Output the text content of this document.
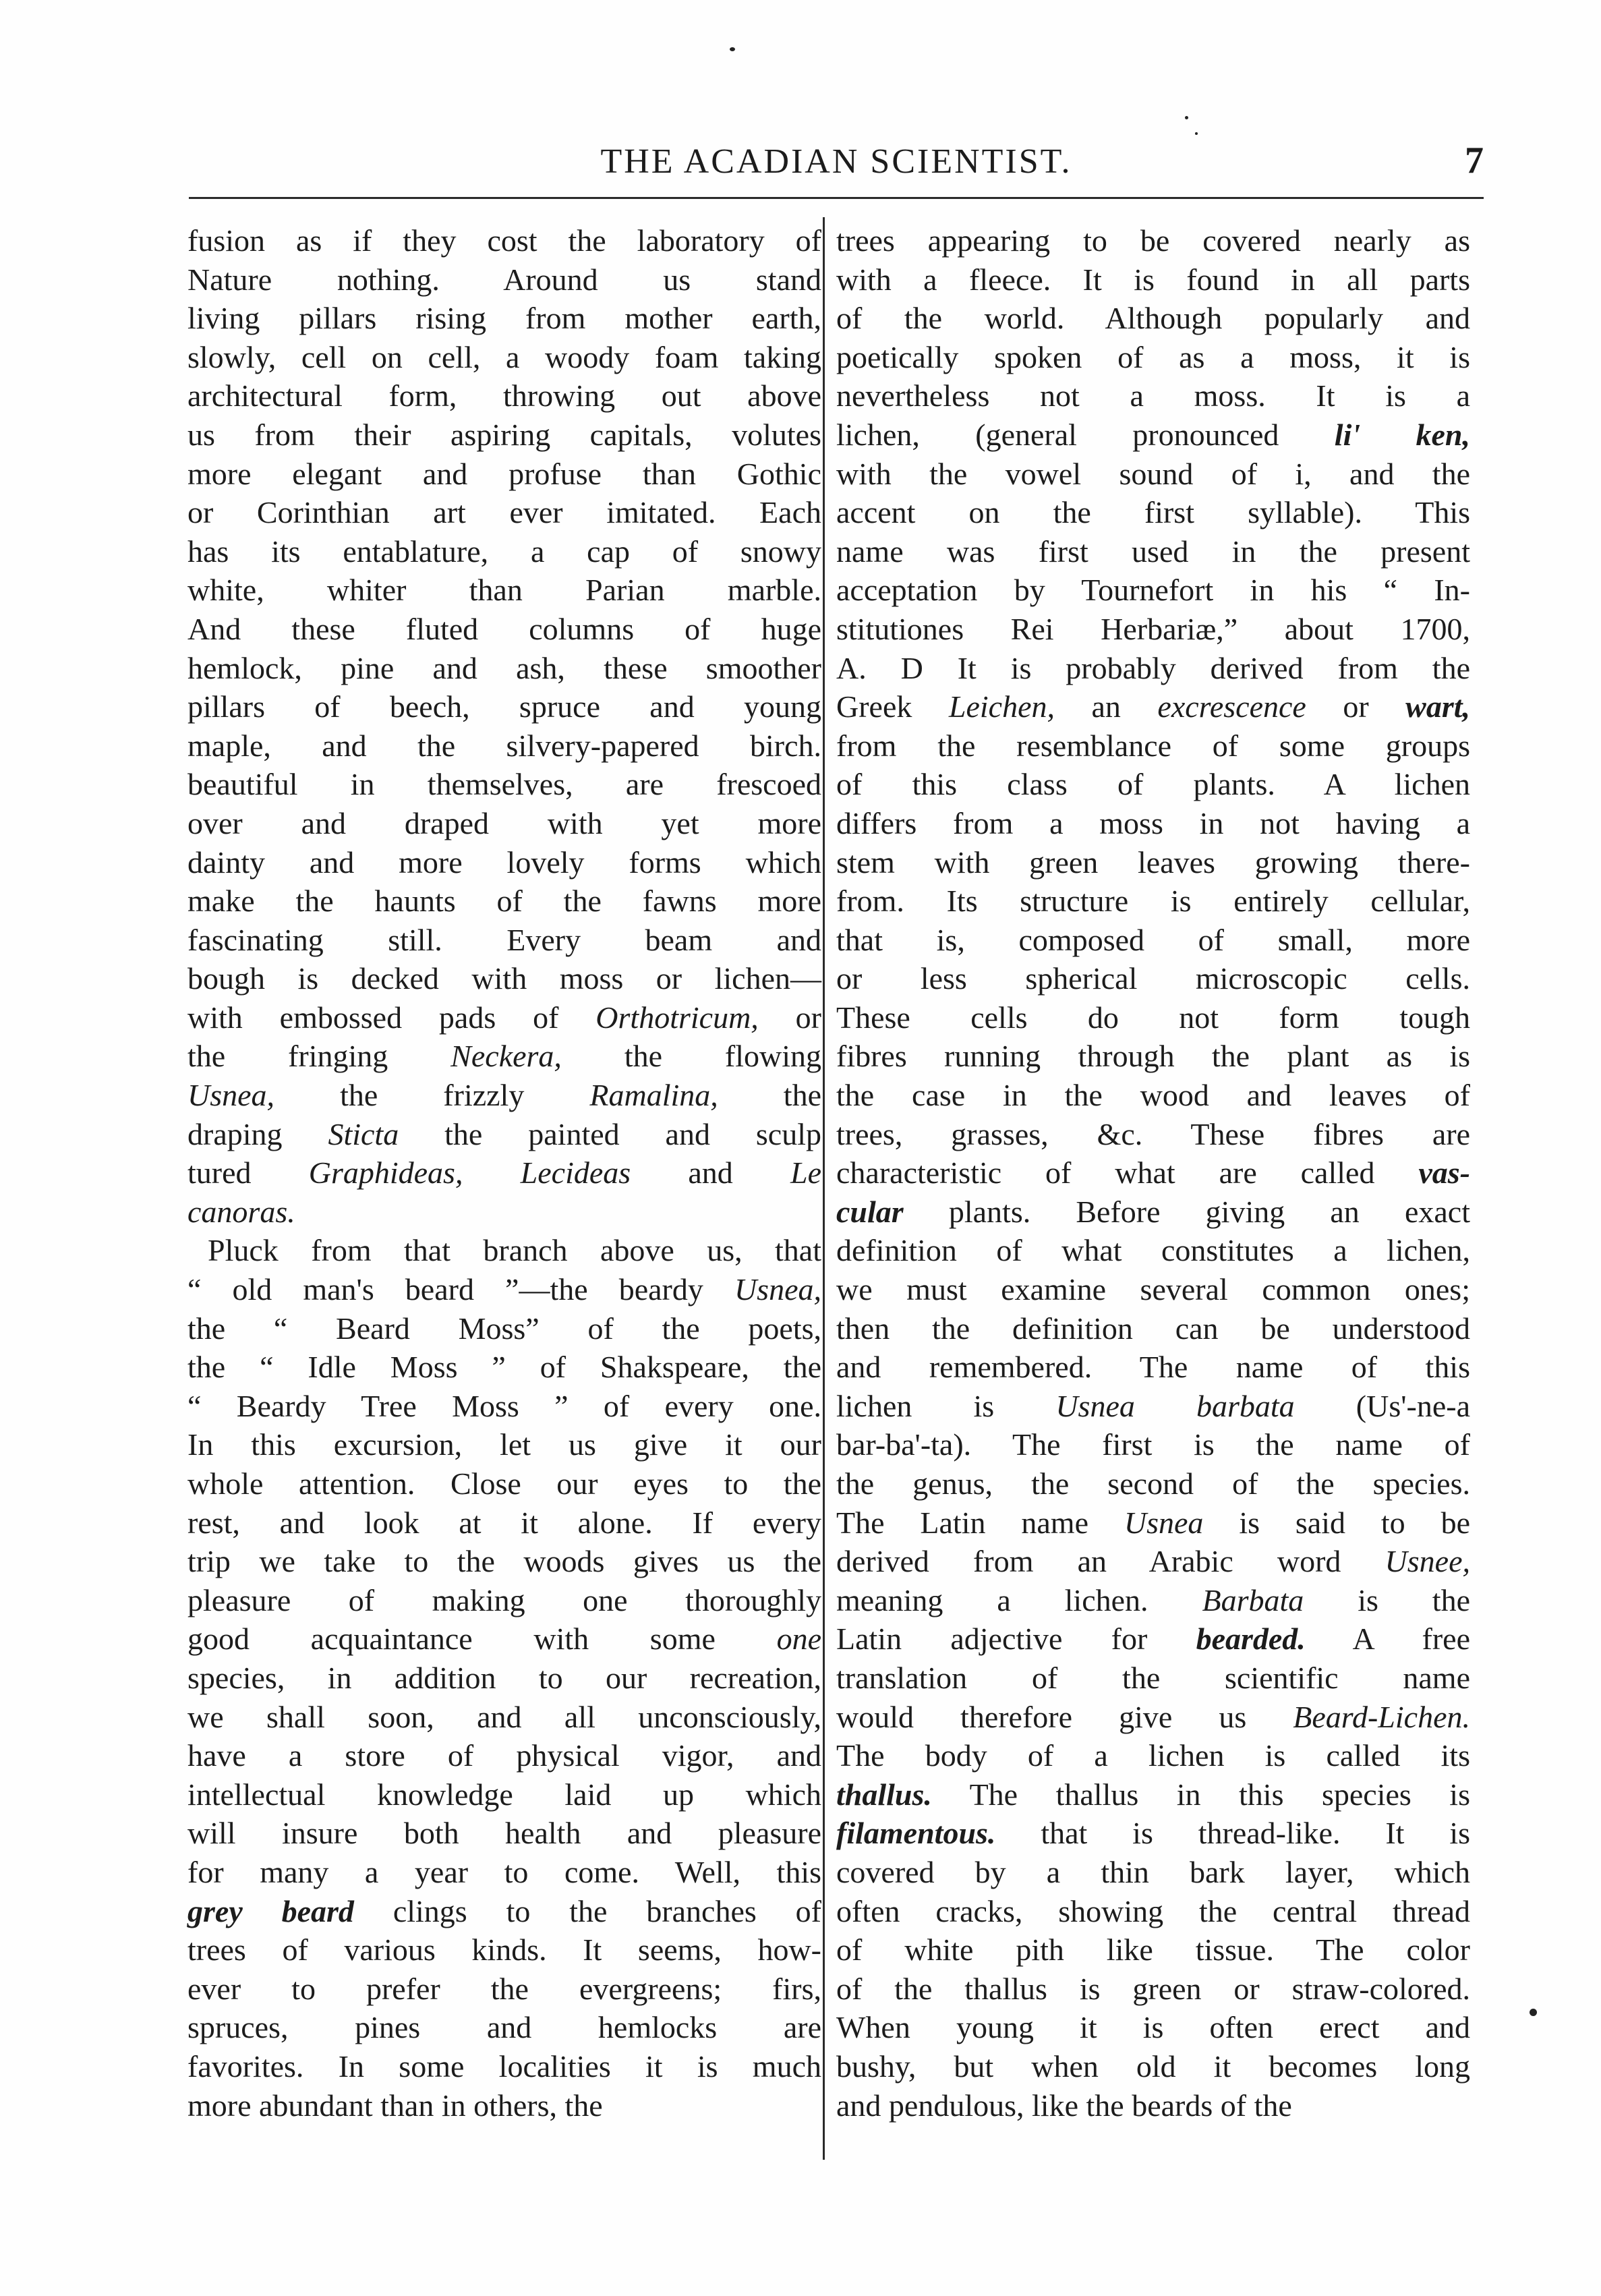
THE ACADIAN SCIENTIST.	7
fusion as if they cost the laboratory of
Nature nothing. Around us stand
living pillars rising from mother earth,
slowly, cell on cell, a woody foam taking
architectural form, throwing out above
us from their aspiring capitals, volutes
more elegant and profuse than Gothic
or Corinthian art ever imitated. Each
has its entablature, a cap of snowy
white, whiter than Parian marble.
And these fluted columns of huge
hemlock, pine and ash, these smoother
pillars of beech, spruce and young
maple, and the silvery-papered birch.
beautiful in themselves, are frescoed
over and draped with yet more
dainty and more lovely forms which
make the haunts of the fawns more
fascinating still. Every beam and
bough is decked with moss or lichen—
with embossed pads of Orthotricum, or
the fringing Neckera, the flowing
Usnea, the frizzly Ramalina, the
draping Sticta the painted and sculp
tured Graphideas, Lecideas and Le
canoras.
Pluck from that branch above us, that
“ old man's beard ”—the beardy Usnea,
the “ Beard Moss” of the poets,
the “ Idle Moss ” of Shakspeare, the
“ Beardy Tree Moss ” of every one.
In this excursion, let us give it our
whole attention. Close our eyes to the
rest, and look at it alone. If every
trip we take to the woods gives us the
pleasure of making one thoroughly
good acquaintance with some one
species, in addition to our recreation,
we shall soon, and all unconsciously,
have a store of physical vigor, and
intellectual knowledge laid up which
will insure both health and pleasure
for many a year to come. Well, this
grey beard clings to the branches of
trees of various kinds. It seems, how-
ever to prefer the evergreens; firs,
spruces, pines and hemlocks are
favorites. In some localities it is much
more abundant than in others, the
trees appearing to be covered nearly as
with a fleece. It is found in all parts
of the world. Although popularly and
poetically spoken of as a moss, it is
nevertheless not a moss. It is a
lichen, (general pronounced li' ken,
with the vowel sound of i, and the
accent on the first syllable). This
name was first used in the present
acceptation by Tournefort in his “ In-
stitutiones Rei Herbariæ,” about 1700,
A. D It is probably derived from the
Greek Leichen, an excrescence or wart,
from the resemblance of some groups
of this class of plants. A lichen
differs from a moss in not having a
stem with green leaves growing there-
from. Its structure is entirely cellular,
that is, composed of small, more
or less spherical microscopic cells.
These cells do not form tough
fibres running through the plant as is
the case in the wood and leaves of
trees, grasses, &c. These fibres are
characteristic of what are called vas-
cular plants. Before giving an exact
definition of what constitutes a lichen,
we must examine several common ones;
then the definition can be understood
and remembered. The name of this
lichen is Usnea barbata (Us'-ne-a
bar-ba'-ta). The first is the name of
the genus, the second of the species.
The Latin name Usnea is said to be
derived from an Arabic word Usnee,
meaning a lichen. Barbata is the
Latin adjective for bearded. A free
translation of the scientific name
would therefore give us Beard-Lichen.
The body of a lichen is called its
thallus. The thallus in this species is
filamentous. that is thread-like. It is
covered by a thin bark layer, which
often cracks, showing the central thread
of white pith like tissue. The color
of the thallus is green or straw-colored.
When young it is often erect and
bushy, but when old it becomes long
and pendulous, like the beards of the
